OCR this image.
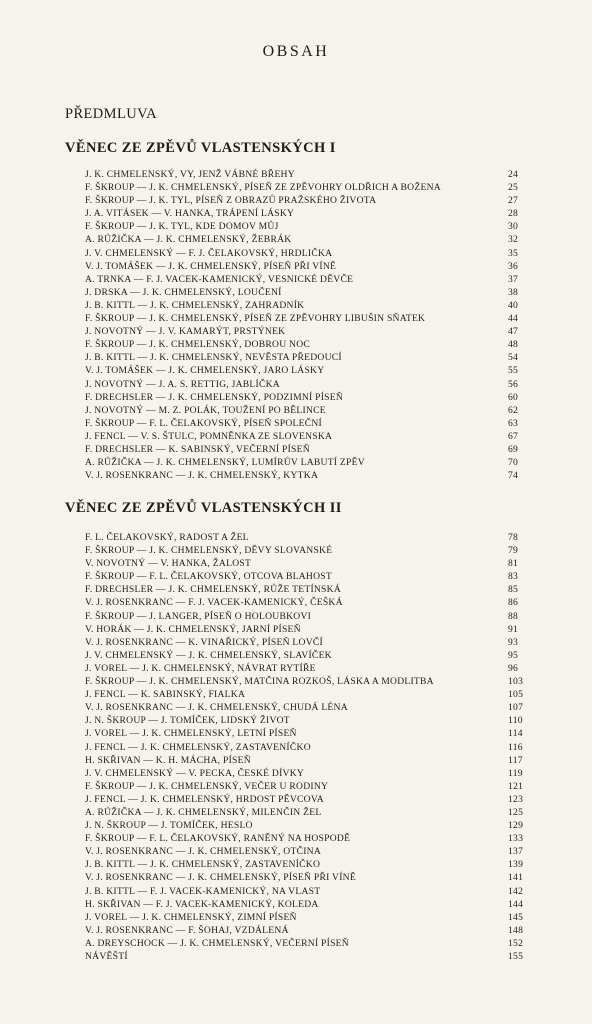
OBSAH
PŘEDMLUVA
VĚNEC ZE ZPĚVŮ VLASTENSKÝCH I
J. K. CHMELENSKÝ, VY, JENŽ VÁBNÉ BŘEHY	24
F. ŠKROUP — J. K. CHMELENSKÝ, PÍSEŇ ZE ZPĚVOHRY OLDŘICH A BOŽENA	25
F. ŠKROUP — J. K. TYL, PÍSEŇ Z OBRAZŮ PRAŽSKÉHO ŽIVOTA	27
J. A. VITÁSEK — V. HANKA, TRÁPENÍ LÁSKY	28
F. ŠKROUP — J. K. TYL, KDE DOMOV MŮJ	30
A. RŮŽIČKA — J. K. CHMELENSKÝ, ŽEBRÁK	32
J. V. CHMELENSKÝ — F. J. ČELAKOVSKÝ, HRDLIČKA	35
V. J. TOMÁŠEK — J. K. CHMELENSKÝ, PÍSEŇ PŘI VÍNĚ	36
A. TRNKA — F. J. VACEK-KAMENICKÝ, VESNICKÉ DĚVČE	37
J. DRSKA — J. K. CHMELENSKÝ, LOUČENÍ	38
J. B. KITTL — J. K. CHMELENSKÝ, ZAHRADNÍK	40
F. ŠKROUP — J. K. CHMELENSKÝ, PÍSEŇ ZE ZPĚVOHRY LIBUŠIN SŇATEK	44
J. NOVOTNÝ — J. V. KAMARÝT, PRSTÝNEK	47
F. ŠKROUP — J. K. CHMELENSKÝ, DOBROU NOC	48
J. B. KITTL — J. K. CHMELENSKÝ, NEVĚSTA PŘEDOUCÍ	54
V. J. TOMÁŠEK — J. K. CHMELENSKÝ, JARO LÁSKY	55
J. NOVOTNÝ — J. A. S. RETTIG, JABLÍČKA	56
F. DRECHSLER — J. K. CHMELENSKÝ, PODZIMNÍ PÍSEŇ	60
J. NOVOTNÝ — M. Z. POLÁK, TOUŽENÍ PO BĚLINCE	62
F. ŠKROUP — F. L. ČELAKOVSKÝ, PÍSEŇ SPOLEČNÍ	63
J. FENCL — V. S. ŠTULC, POMNĚNKA ZE SLOVENSKA	67
F. DRECHSLER — K. SABINSKÝ, VEČERNÍ PÍSEŇ	69
A. RŮŽIČKA — J. K. CHMELENSKÝ, LUMÍRŮV LABUTÍ ZPĚV	70
V. J. ROSENKRANC — J. K. CHMELENSKÝ, KYTKA	74
VĚNEC ZE ZPĚVŮ VLASTENSKÝCH II
F. L. ČELAKOVSKÝ, RADOST A ŽEL	78
F. ŠKROUP — J. K. CHMELENSKÝ, DĚVY SLOVANSKÉ	79
V. NOVOTNÝ — V. HANKA, ŽALOST	81
F. ŠKROUP — F. L. ČELAKOVSKÝ, OTCOVA BLAHOST	83
F. DRECHSLER — J. K. CHMELENSKÝ, RŮŽE TETÍNSKÁ	85
V. J. ROSENKRANC — F. J. VACEK-KAMENICKÝ, ČEŠKÁ	86
F. ŠKROUP — J. LANGER, PÍSEŇ O HOLOUBKOVI	88
V. HORÁK — J. K. CHMELENSKÝ, JARNÍ PÍSEŇ	91
V. J. ROSENKRANC — K. VINAŘICKÝ, PÍSEŇ LOVČÍ	93
J. V. CHMELENSKÝ — J. K. CHMELENSKÝ, SLAVÍČEK	95
J. VOREL — J. K. CHMELENSKÝ, NÁVRAT RYTÍŘE	96
F. ŠKROUP — J. K. CHMELENSKÝ, MATČINA ROZKOŠ, LÁSKA A MODLITBA	103
J. FENCL — K. SABINSKÝ, FIALKA	105
V. J. ROSENKRANC — J. K. CHMELENSKÝ, CHUDÁ LÉNA	107
J. N. ŠKROUP — J. TOMÍČEK, LIDSKÝ ŽIVOT	110
J. VOREL — J. K. CHMELENSKÝ, LETNÍ PÍSEŇ	114
J. FENCL — J. K. CHMELENSKÝ, ZASTAVENÍČKO	116
H. SKŘIVAN — K. H. MÁCHA, PÍSEŇ	117
J. V. CHMELENSKÝ — V. PECKA, ČESKÉ DÍVKY	119
F. ŠKROUP — J. K. CHMELENSKÝ, VEČER U RODINY	121
J. FENCL — J. K. CHMELENSKÝ, HRDOST PĚVCOVA	123
A. RŮŽIČKA — J. K. CHMELENSKÝ, MILENČIN ŽEL	125
J. N. ŠKROUP — J. TOMÍČEK, HESLO	129
F. ŠKROUP — F. L. ČELAKOVSKÝ, RANĚNÝ NA HOSPODĚ	133
V. J. ROSENKRANC — J. K. CHMELENSKÝ, OTČINA	137
J. B. KITTL — J. K. CHMELENSKÝ, ZASTAVENÍČKO	139
V. J. ROSENKRANC — J. K. CHMELENSKÝ, PÍSEŇ PŘI VÍNĚ	141
J. B. KITTL — F. J. VACEK-KAMENICKÝ, NA VLAST	142
H. SKŘIVAN — F. J. VACEK-KAMENICKÝ, KOLEDA	144
J. VOREL — J. K. CHMELENSKÝ, ZIMNÍ PÍSEŇ	145
V. J. ROSENKRANC — F. ŠOHAJ, VZDÁLENÁ	148
A. DREYSCHOCK — J. K. CHMELENSKÝ, VEČERNÍ PÍSEŇ	152
NÁVĚŠTÍ	155
